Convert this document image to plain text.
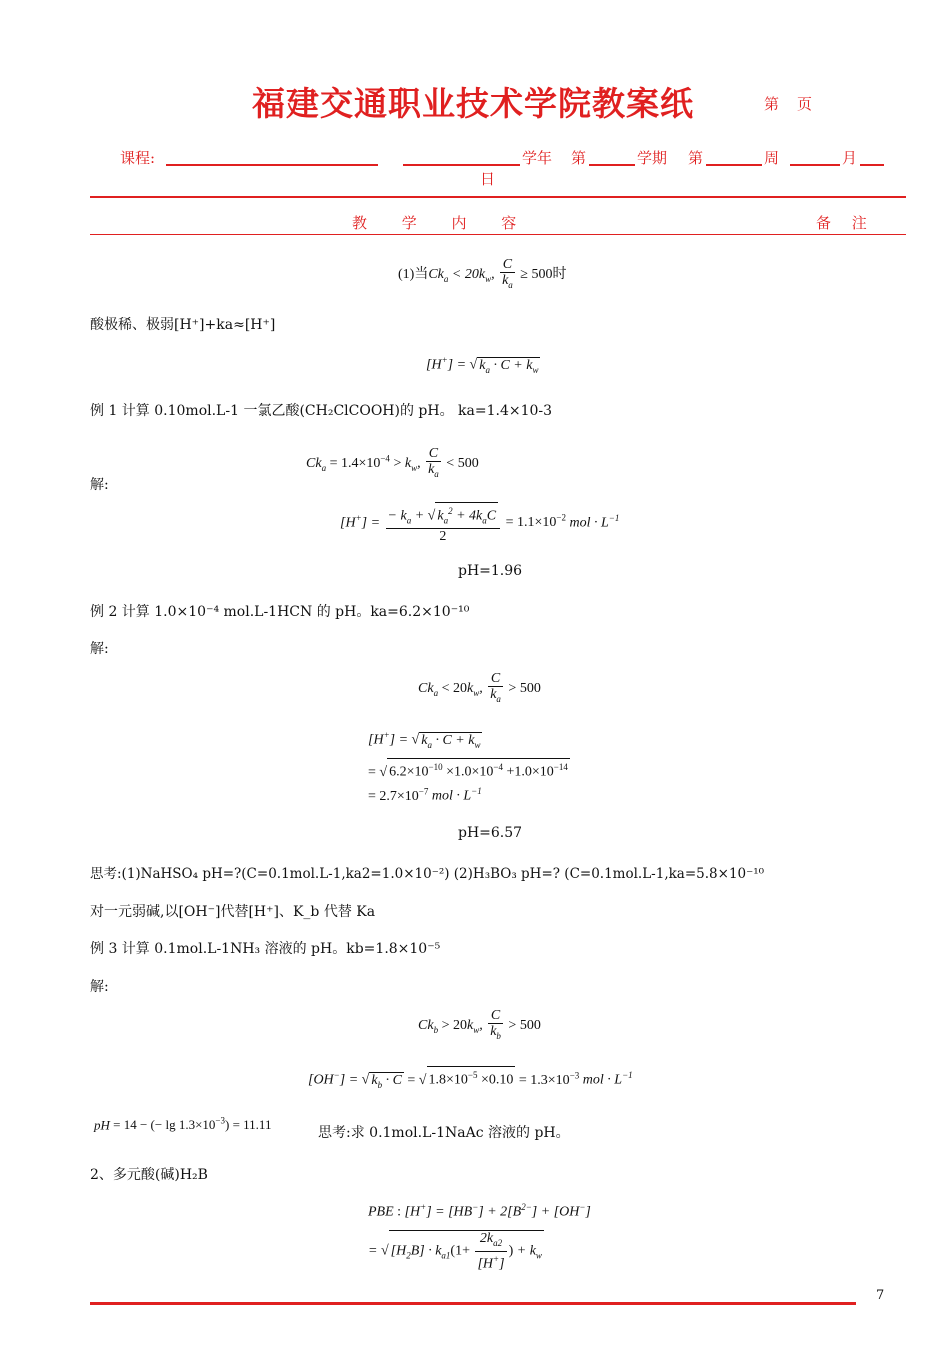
福建交通职业技术学院教案纸	第 页
课程:	学年 第	学期 第	周	月
日
教 学 内 容	备 注
(1)当$Ck_a < 20k_w$, $\frac{C}{k_a} \ge 500$时
酸极稀、极弱[H⁺]+ka≈[H⁺]
[H+] = √ $k_a \cdot C + k_w$
例 1 计算 0.10mol.L-1 一氯乙酸(CH₂ClCOOH)的 pH。 ka=1.4×10-3
$Ck_a = 1.4\times 10^{-4} > k_w$, $\frac{C}{k_a} < 500$
解:
$[H^+] = \frac{- k_a + √ k_a^2 + 4k_aC}{2} = 1.1\times 10^{-2}$ mol · $L^{-1}$
pH=1.96
例 2 计算 1.0×10⁻⁴ mol.L-1HCN 的 pH。ka=6.2×10⁻¹⁰
解:
$Ck_a < 20k_w$, $\frac{C}{k_a} > 500$
[H+] = √ $k_a \cdot C + k_w$
= √ $6.2\times 10^{-10} \times 1.0\times 10^{-4} +1.0\times 10^{-14}$
= $2.7\times 10^{-7}$ mol · $L^{-1}$
pH=6.57
思考:(1)NaHSO₄ pH=?(C=0.1mol.L-1,ka2=1.0×10⁻²) (2)H₃BO₃ pH=? (C=0.1mol.L-1,ka=5.8×10⁻¹⁰
对一元弱碱,以[OH⁻]代替[H⁺]、K_b 代替 Ka
例 3 计算 0.1mol.L-1NH₃ 溶液的 pH。kb=1.8×10⁻⁵
解:
$Ck_b > 20k_w$, $\frac{C}{k_b} > 500$
[OH−] = √ $k_b \cdot C$ = √ $1.8\times 10^{-5} \times 0.10 = 1.3\times 10^{-3}$ mol · $L^{-1}$
pH = 14 − (− $\lg 1.3\times 10^{-3}) = 11.11$
思考:求 0.1mol.L-1NaAc 溶液的 pH。
2、多元酸(碱)H₂B
PBE : $[H^+] = [HB^-] + 2[B^{2-}] + [OH^-]$
= √ $[H_2B] \cdot k_{a1}(1+ \frac{2k_{a2}}{[H^+]}$ ) + $k_w$
7
